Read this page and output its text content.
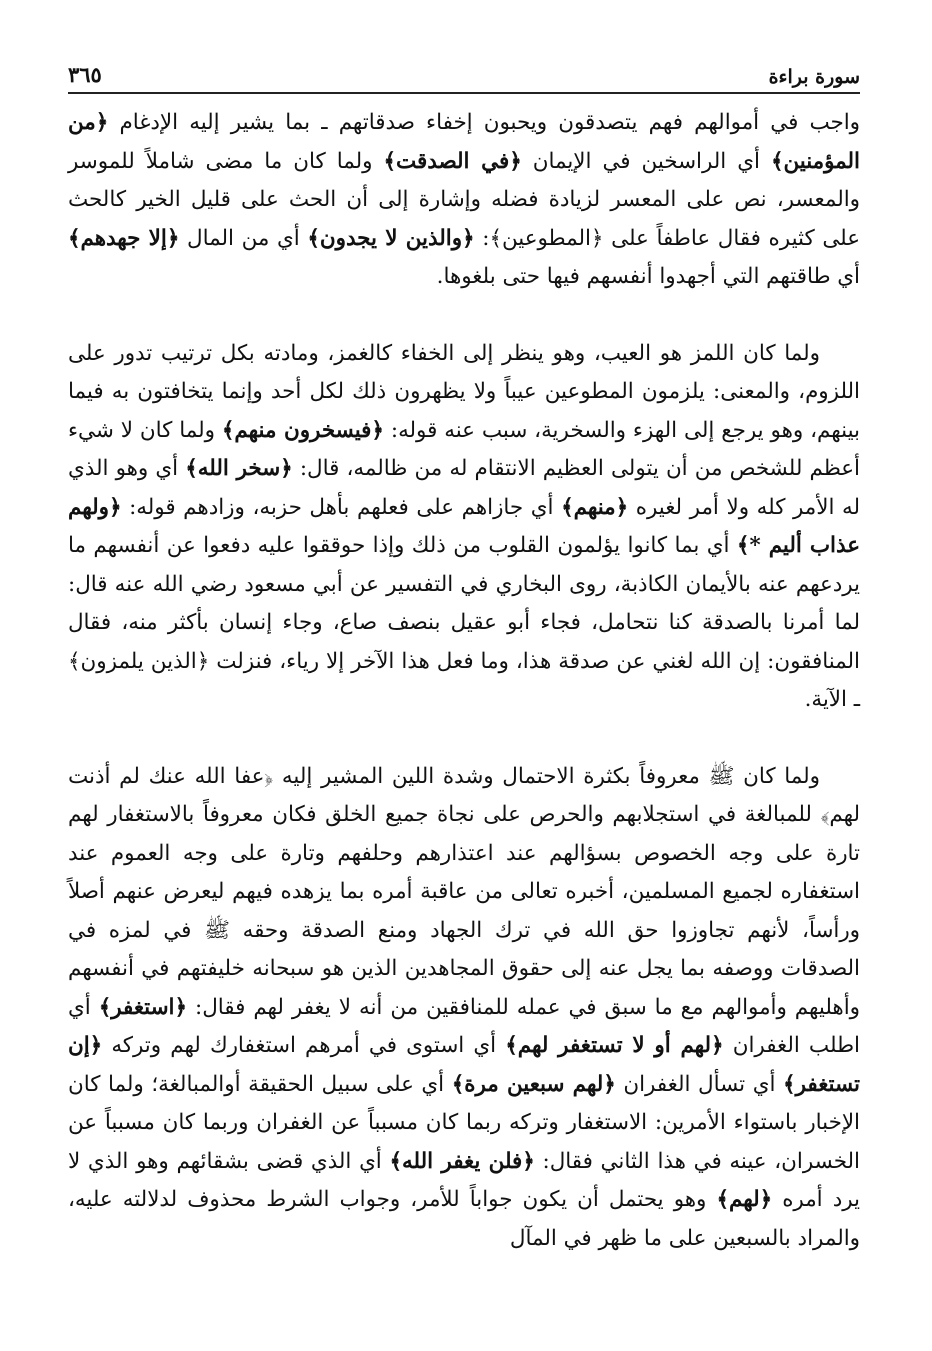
سورة براءة
٣٦٥

واجب في أموالهم فهم يتصدقون ويحبون إخفاء صدقاتهم ـ بما يشير إليه الإدغام ﴿من المؤمنين﴾ أي الراسخين في الإيمان ﴿في الصدقت﴾ ولما كان ما مضى شاملاً للموسر والمعسر، نص على المعسر لزيادة فضله وإشارة إلى أن الحث على قليل الخير كالحث على كثيره فقال عاطفاً على ﴿المطوعين﴾: ﴿والذين لا يجدون﴾ أي من المال ﴿إلا جهدهم﴾ أي طاقتهم التي أجهدوا أنفسهم فيها حتى بلغوها.

ولما كان اللمز هو العيب، وهو ينظر إلى الخفاء كالغمز، ومادته بكل ترتيب تدور على اللزوم، والمعنى: يلزمون المطوعين عيباً ولا يظهرون ذلك لكل أحد وإنما يتخافتون به فيما بينهم، وهو يرجع إلى الهزء والسخرية، سبب عنه قوله: ﴿فيسخرون منهم﴾ ولما كان لا شيء أعظم للشخص من أن يتولى العظيم الانتقام له من ظالمه، قال: ﴿سخر الله﴾ أي وهو الذي له الأمر كله ولا أمر لغيره ﴿منهم﴾ أي جازاهم على فعلهم بأهل حزبه، وزادهم قوله: ﴿ولهم عذاب أليم *﴾ أي بما كانوا يؤلمون القلوب من ذلك وإذا حوققوا عليه دفعوا عن أنفسهم ما يردعهم عنه بالأيمان الكاذبة، روى البخاري في التفسير عن أبي مسعود رضي الله عنه قال: لما أمرنا بالصدقة كنا نتحامل، فجاء أبو عقيل بنصف صاع، وجاء إنسان بأكثر منه، فقال المنافقون: إن الله لغني عن صدقة هذا، وما فعل هذا الآخر إلا رياء، فنزلت ﴿الذين يلمزون﴾ ـ الآية.

ولما كان ﷺ معروفاً بكثرة الاحتمال وشدة اللين المشير إليه ﴿عفا الله عنك لم أذنت لهم﴾ للمبالغة في استجلابهم والحرص على نجاة جميع الخلق فكان معروفاً بالاستغفار لهم تارة على وجه الخصوص بسؤالهم عند اعتذارهم وحلفهم وتارة على وجه العموم عند استغفاره لجميع المسلمين، أخبره تعالى من عاقبة أمره بما يزهده فيهم ليعرض عنهم أصلاً ورأساً، لأنهم تجاوزوا حق الله في ترك الجهاد ومنع الصدقة وحقه ﷺ في لمزه في الصدقات ووصفه بما يجل عنه إلى حقوق المجاهدين الذين هو سبحانه خليفتهم في أنفسهم وأهليهم وأموالهم مع ما سبق في عمله للمنافقين من أنه لا يغفر لهم فقال: ﴿استغفر﴾ أي اطلب الغفران ﴿لهم أو لا تستغفر لهم﴾ أي استوى في أمرهم استغفارك لهم وتركه ﴿إن تستغفر﴾ أي تسأل الغفران ﴿لهم سبعين مرة﴾ أي على سبيل الحقيقة أوالمبالغة؛ ولما كان الإخبار باستواء الأمرين: الاستغفار وتركه ربما كان مسبباً عن الغفران وربما كان مسبباً عن الخسران، عينه في هذا الثاني فقال: ﴿فلن يغفر الله﴾ أي الذي قضى بشقائهم وهو الذي لا يرد أمره ﴿لهم﴾ وهو يحتمل أن يكون جواباً للأمر، وجواب الشرط محذوف لدلالته عليه، والمراد بالسبعين على ما ظهر في المآل
